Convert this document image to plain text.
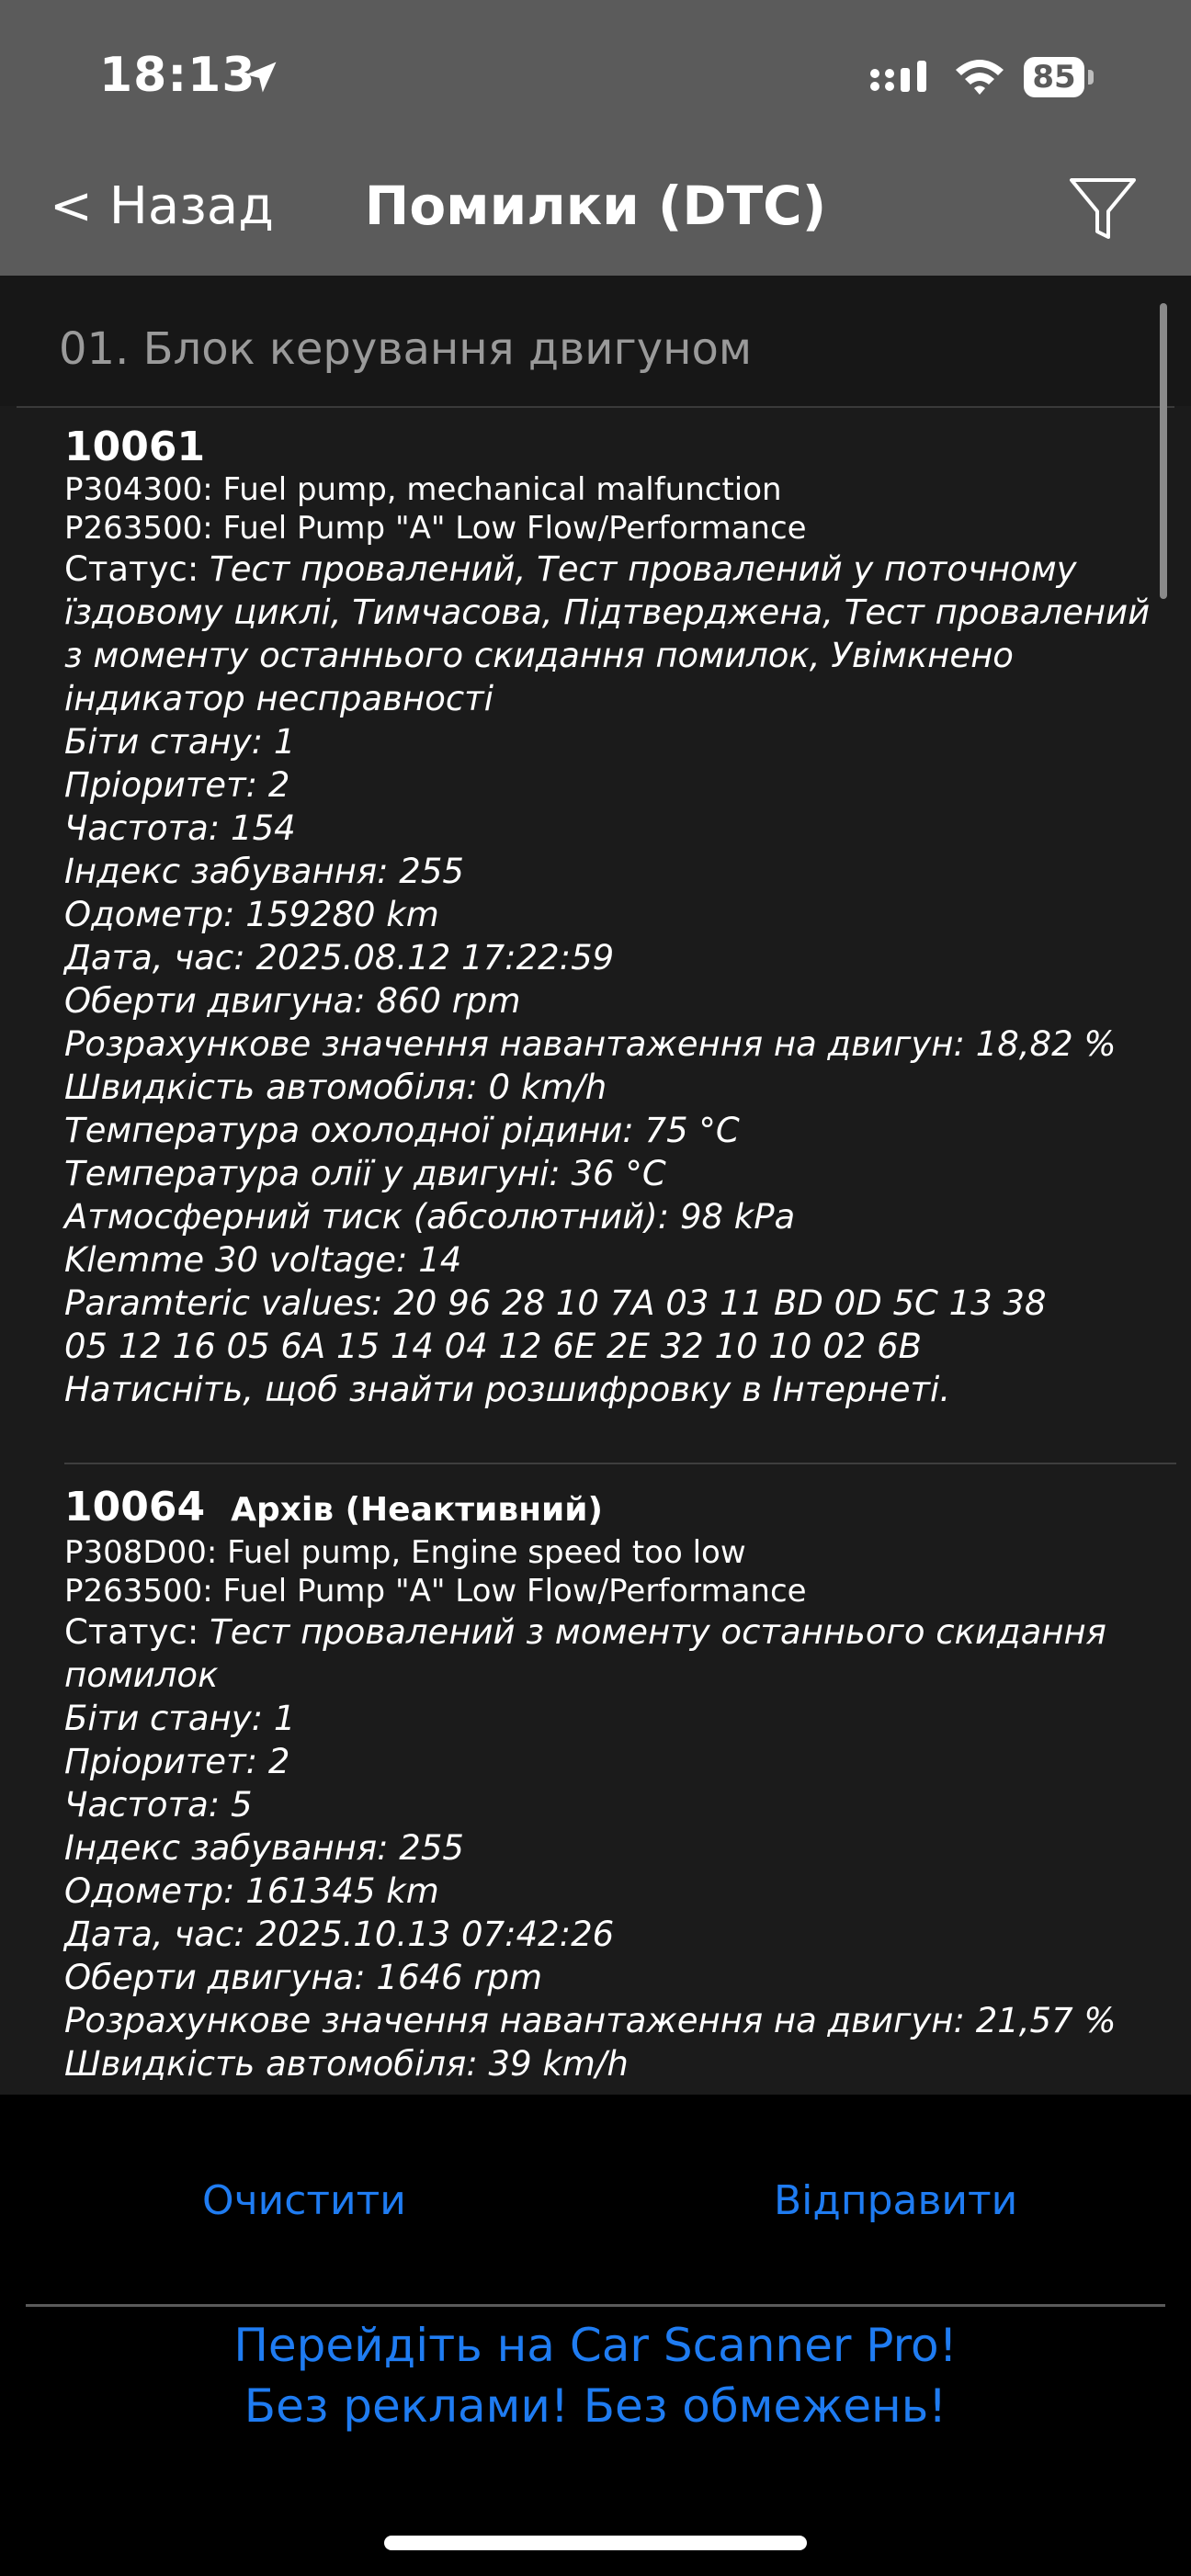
18:13	85
< Назад	Помилки (DTC)
01. Блок керування двигуном
10061
P304300: Fuel pump, mechanical malfunction
P263500: Fuel Pump "A" Low Flow/Performance
Статус: Тест провалений, Тест провалений у поточному їздовому циклі, Тимчасова, Підтверджена, Тест провалений з моменту останнього скидання помилок, Увімкнено індикатор несправності
Біти стану: 1
Пріоритет: 2
Частота: 154
Індекс забування: 255
Одометр: 159280 km
Дата, час: 2025.08.12 17:22:59
Оберти двигуна: 860 rpm
Розрахункове значення навантаження на двигун: 18,82 %
Швидкість автомобіля: 0 km/h
Температура охолодної рідини: 75 °C
Температура олії у двигуні: 36 °C
Атмосферний тиск (абсолютний): 98 kPa
Klemme 30 voltage: 14
Paramteric values: 20 96 28 10 7A 03 11 BD 0D 5C 13 38
05 12 16 05 6A 15 14 04 12 6E 2E 32 10 10 02 6B
Натисніть, щоб знайти розшифровку в Інтернеті.
10064 Архів (Неактивний)
P308D00: Fuel pump, Engine speed too low
P263500: Fuel Pump "A" Low Flow/Performance
Статус: Тест провалений з моменту останнього скидання помилок
Біти стану: 1
Пріоритет: 2
Частота: 5
Індекс забування: 255
Одометр: 161345 km
Дата, час: 2025.10.13 07:42:26
Оберти двигуна: 1646 rpm
Розрахункове значення навантаження на двигун: 21,57 %
Швидкість автомобіля: 39 km/h
Очистити	Відправити
Перейдіть на Car Scanner Pro!
Без реклами! Без обмежень!
